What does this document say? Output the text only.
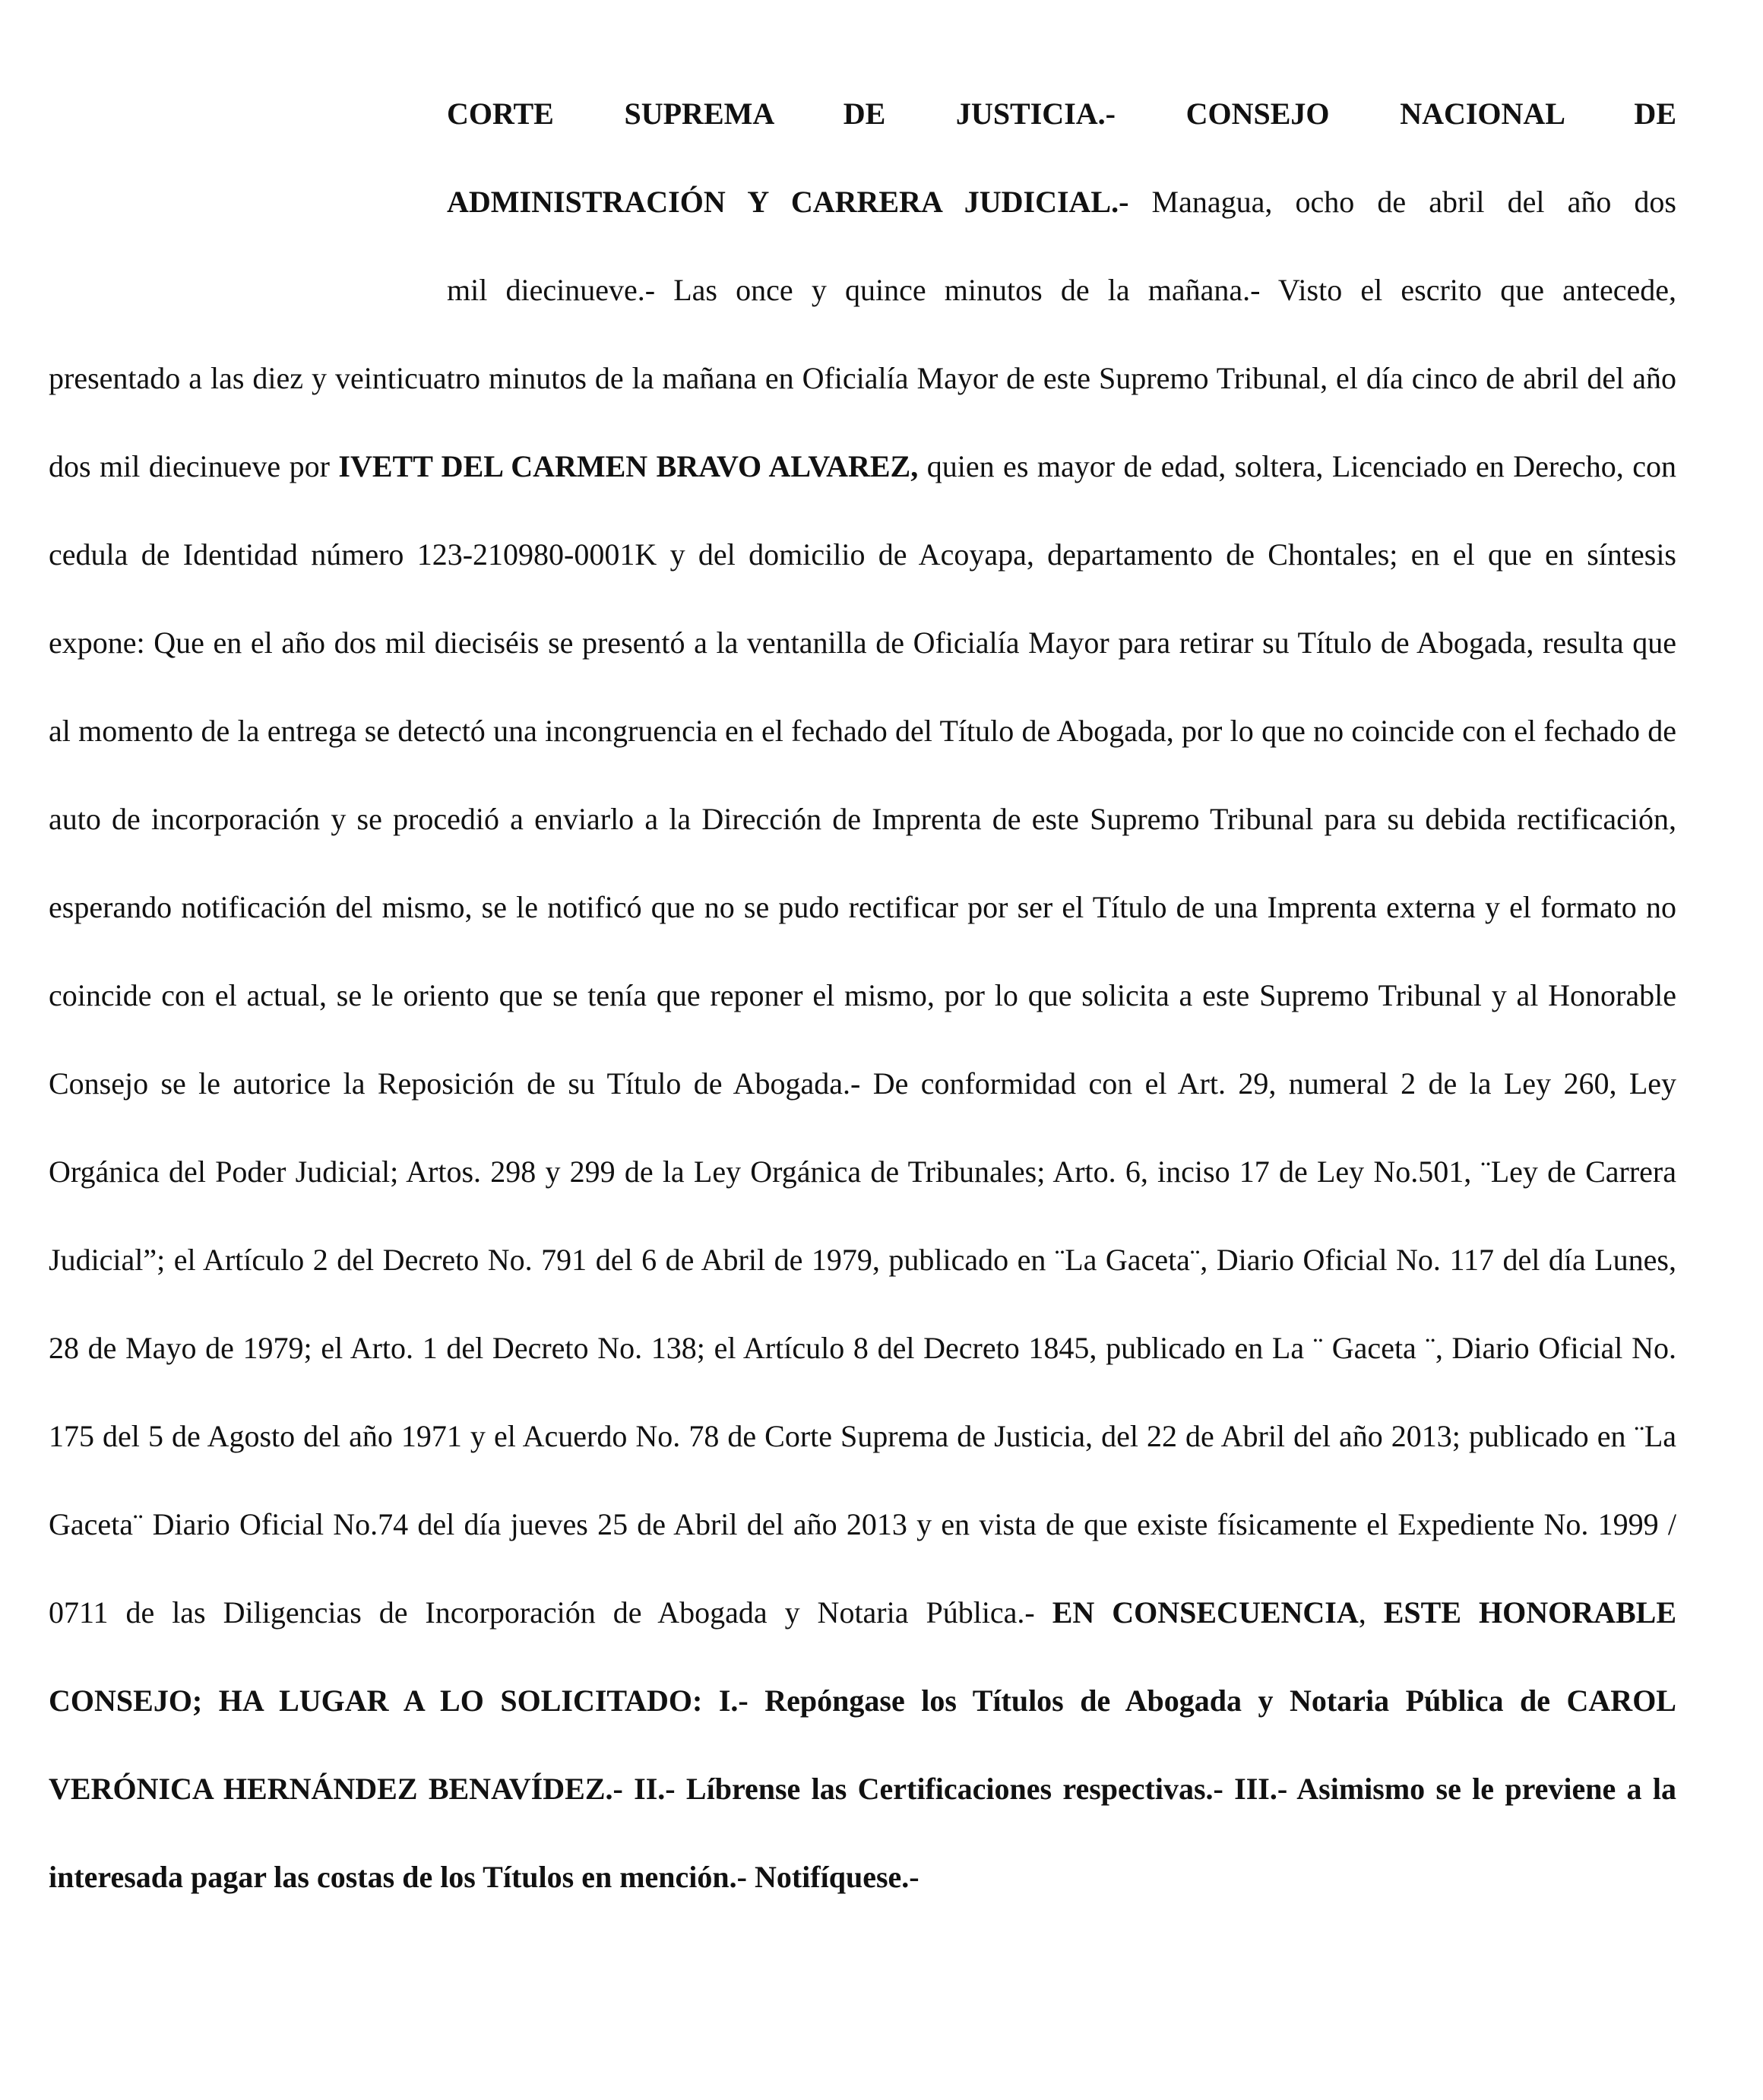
CORTE SUPREMA DE JUSTICIA.- CONSEJO NACIONAL DE
ADMINISTRACIÓN Y CARRERA JUDICIAL.- Managua, ocho de abril del año dos
mil diecinueve.- Las once y quince minutos de la mañana.- Visto el escrito que antecede,
presentado a las diez y veinticuatro minutos de la mañana en Oficialía Mayor de este Supremo Tribunal, el día cinco de abril del año dos mil diecinueve por IVETT DEL CARMEN BRAVO ALVAREZ, quien es mayor de edad, soltera, Licenciado en Derecho, con cedula de Identidad número 123-210980-0001K y del domicilio de Acoyapa, departamento de Chontales; en el que en síntesis expone: Que en el año dos mil dieciséis se presentó a la ventanilla de Oficialía Mayor para retirar su Título de Abogada, resulta que al momento de la entrega se detectó una incongruencia en el fechado del Título de Abogada, por lo que no coincide con el fechado de auto de incorporación y se procedió a enviarlo a la Dirección de Imprenta de este Supremo Tribunal para su debida rectificación, esperando notificación del mismo, se le notificó que no se pudo rectificar por ser el Título de una Imprenta externa y el formato no coincide con el actual, se le oriento que se tenía que reponer el mismo, por lo que solicita a este Supremo Tribunal y al Honorable Consejo se le autorice la Reposición de su Título de Abogada.- De conformidad con el Art. 29, numeral 2 de la Ley 260, Ley Orgánica del Poder Judicial; Artos. 298 y 299 de la Ley Orgánica de Tribunales; Arto. 6, inciso 17 de Ley No.501, ¨Ley de Carrera Judicial”; el Artículo 2 del Decreto No. 791 del 6 de Abril de 1979, publicado en ¨La Gaceta¨, Diario Oficial No. 117 del día Lunes, 28 de Mayo de 1979; el Arto. 1 del Decreto No. 138; el Artículo 8 del Decreto 1845, publicado en La ¨ Gaceta ¨, Diario Oficial No. 175 del 5 de Agosto del año 1971 y el Acuerdo No. 78 de Corte Suprema de Justicia, del 22 de Abril del año 2013; publicado en ¨La Gaceta¨ Diario Oficial No.74 del día jueves 25 de Abril del año 2013 y en vista de que existe físicamente el Expediente No. 1999 / 0711 de las Diligencias de Incorporación de Abogada y Notaria Pública.- EN CONSECUENCIA, ESTE HONORABLE CONSEJO; HA LUGAR A LO SOLICITADO: I.- Repóngase los Títulos de Abogada y Notaria Pública de CAROL VERÓNICA HERNÁNDEZ BENAVÍDEZ.- II.- Líbrense las Certificaciones respectivas.- III.- Asimismo se le previene a la interesada pagar las costas de los Títulos en mención.- Notifíquese.-
